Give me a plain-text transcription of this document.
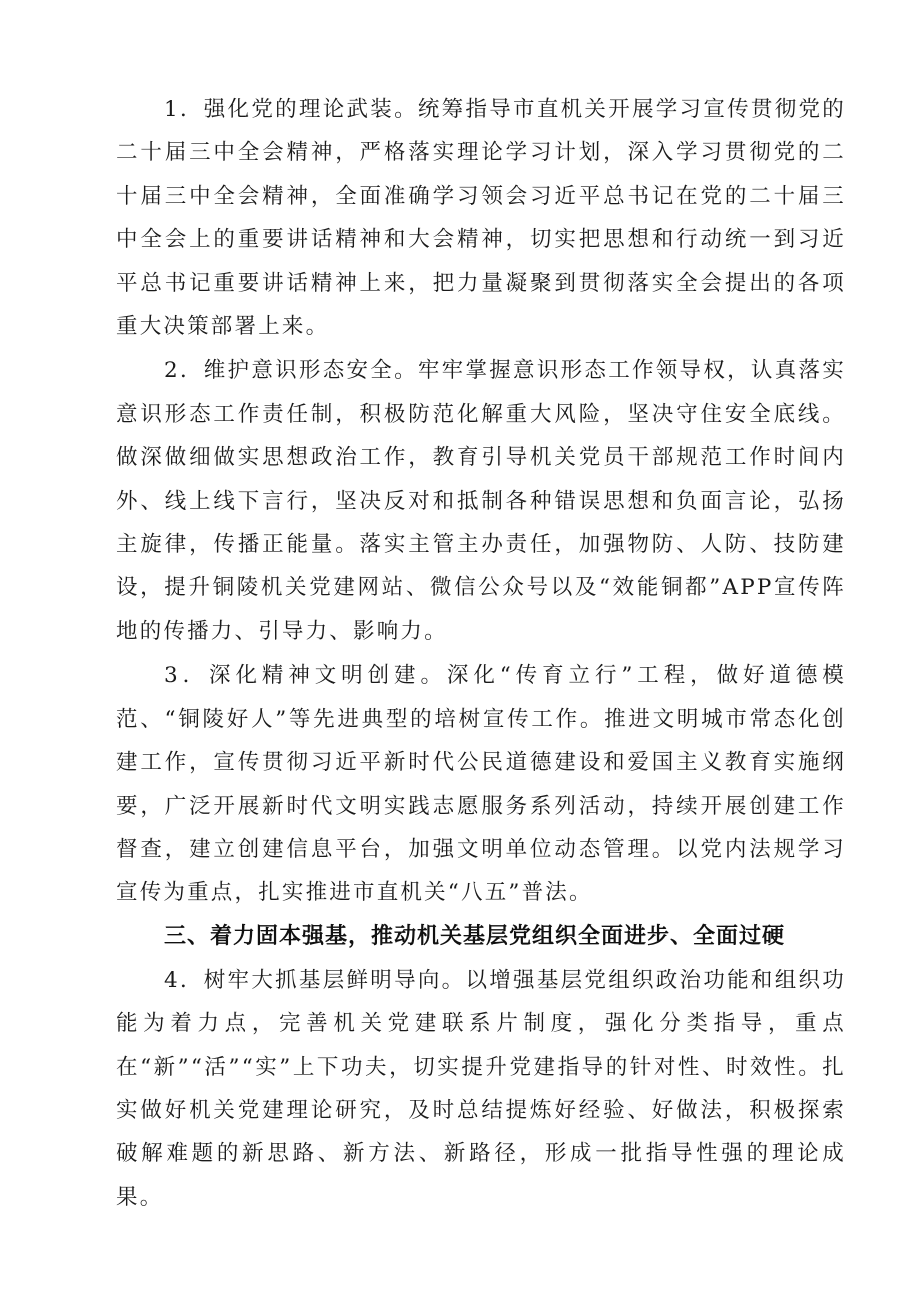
1．强化党的理论武装。统筹指导市直机关开展学习宣传贯彻党的二十届三中全会精神，严格落实理论学习计划，深入学习贯彻党的二十届三中全会精神，全面准确学习领会习近平总书记在党的二十届三中全会上的重要讲话精神和大会精神，切实把思想和行动统一到习近平总书记重要讲话精神上来，把力量凝聚到贯彻落实全会提出的各项重大决策部署上来。

2．维护意识形态安全。牢牢掌握意识形态工作领导权，认真落实意识形态工作责任制，积极防范化解重大风险，坚决守住安全底线。做深做细做实思想政治工作，教育引导机关党员干部规范工作时间内外、线上线下言行，坚决反对和抵制各种错误思想和负面言论，弘扬主旋律，传播正能量。落实主管主办责任，加强物防、人防、技防建设，提升铜陵机关党建网站、微信公众号以及“效能铜都”APP宣传阵地的传播力、引导力、影响力。

3．深化精神文明创建。深化“传育立行”工程，做好道德模范、“铜陵好人”等先进典型的培树宣传工作。推进文明城市常态化创建工作，宣传贯彻习近平新时代公民道德建设和爱国主义教育实施纲要，广泛开展新时代文明实践志愿服务系列活动，持续开展创建工作督查，建立创建信息平台，加强文明单位动态管理。以党内法规学习宣传为重点，扎实推进市直机关“八五”普法。

三、着力固本强基，推动机关基层党组织全面进步、全面过硬

4．树牢大抓基层鲜明导向。以增强基层党组织政治功能和组织功能为着力点，完善机关党建联系片制度，强化分类指导，重点在“新”“活”“实”上下功夫，切实提升党建指导的针对性、时效性。扎实做好机关党建理论研究，及时总结提炼好经验、好做法，积极探索破解难题的新思路、新方法、新路径，形成一批指导性强的理论成果。
